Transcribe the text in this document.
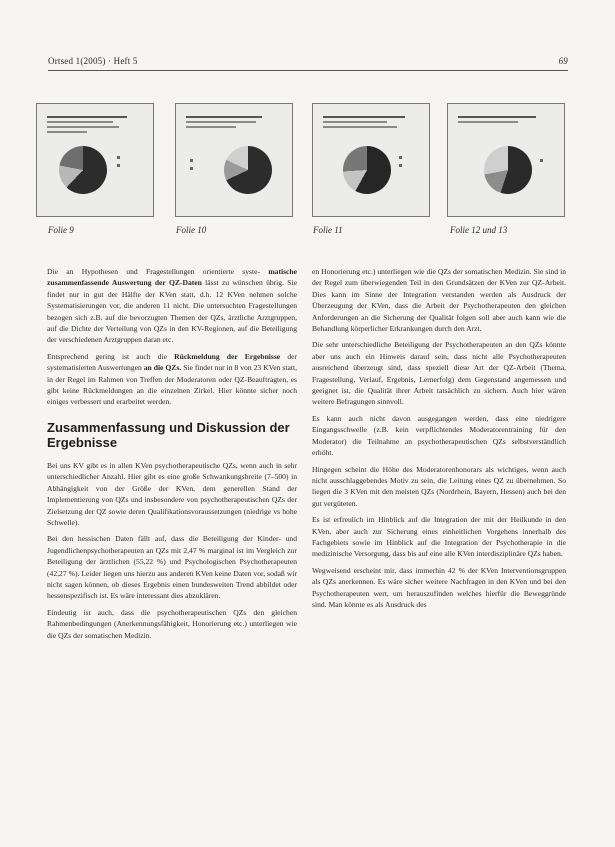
Ortsed 1(2005) · Heft 5	69
Folie 9	Folie 10	Folie 11	Folie 12 und 13

Die an Hypothesen und Fragestellungen orientierte syste- matische zusammenfassende Auswertung der QZ-Daten lässt zu wünschen übrig. Sie findet nur in gut der Hälfte der KVen statt, d.h. 12 KVen nehmen solche Systematisierungen vor, die anderen 11 nicht. Die untersuchten Fragestellungen bezogen sich z.B. auf die bevorzugten Themen der QZs, ärztliche Arztgruppen, auf die Dichte der Verteilung von QZs in den KV-Regionen, auf die Beteiligung der verschiedenen Arztgruppen daran etc.

Entsprechend gering ist auch die Rückmeldung der Ergebnisse der systematisierten Auswertungen an die QZs. Sie findet nur in 8 von 23 KVen statt, in der Regel im Rahmen von Treffen der Moderatoren oder QZ-Beauftragten, es gibt keine Rückmeldungen an die einzelnen Zirkel. Hier könnte sicher noch einiges verbessert und erarbeitet werden.

Zusammenfassung und Diskussion der Ergebnisse

Bei uns KV gibt es in allen KVen psychotherapeutische QZs, wenn auch in sehr unterschiedlicher Anzahl. Hier gibt es eine große Schwankungsbreite (7–500) in Abhängigkeit von der Größe der KVen, dem generellen Stand der Implementierung von QZs und insbesondere von psychotherapeutischen QZs der Zielsetzung der QZ sowie deren Qualifikationsvoraussetzungen (niedrige vs hohe Schwelle).

Bei den hessischen Daten fällt auf, dass die Beteiligung der Kinder- und Jugendlichenpsychotherapeuten an QZs mit 2,47 % marginal ist im Vergleich zur Beteiligung der ärztlichen (55,22 %) und Psychologischen Psychotherapeuten (42,27 %). Leider liegen uns hierzu aus anderen KVen keine Daten vor, sodaß wir nicht sagen können, ob dieses Ergebnis einen bundesweiten Trend abbildet oder hessenspezifisch ist. Es wäre interessant dies abzuklären.

Eindeutig ist auch, dass die psychotherapeutischen QZs den gleichen Rahmenbedingungen (Anerkennungsfähigkeit, Honorierung etc.) unterliegen wie die QZs der somatischen Medizin.

en Honorierung etc.) unterliegen wie die QZs der somatischen Medizin. Sie sind in der Regel zum überwiegenden Teil in den Grundsätzen der KVen zur QZ-Arbeit. Dies kann im Sinne der Integration verstanden werden als Ausdruck der Überzeugung der KVen, dass die Arbeit der Psychotherapeuten den gleichen Anforderungen an die Sicherung der Qualität folgen soll aber auch kann wie die Behandlung körperlicher Erkrankungen durch den Arzt.

Die sehr unterschiedliche Beteiligung der Psychotherapeuten an den QZs könnte aber uns auch ein Hinweis darauf sein, dass nicht alle Psychotherapeuten ausreichend überzeugt sind, dass speziell diese Art der QZ-Arbeit (Thema, Fragestellung, Verlauf, Ergebnis, Lernerfolg) dem Gegenstand angemessen und geeignet ist, die Qualität ihrer Arbeit tatsächlich zu sichern. Auch hier wären weitere Befragungen sinnvoll.

Es kann auch nicht davon ausgegangen werden, dass eine niedrigere Eingangsschwelle (z.B. kein verpflichtendes Moderatorentraining für den Moderator) die Teilnahme an psychotherapeutischen QZs selbstverständlich erhöht.

Hingegen scheint die Höhe des Moderatorenhonorars als wichtiges, wenn auch nicht ausschlaggebendes Motiv zu sein, die Leitung eines QZ zu übernehmen. So liegen die 3 KVen mit den meisten QZs (Nordrhein, Bayern, Hessen) auch bei den gut vergüteten.

Es ist erfreulich im Hinblick auf die Integration der mit der Heilkunde in den KVen, aber auch zur Sicherung eines einheitlichen Vorgehens innerhalb des Fachgebiets sowie im Hinblick auf die Integration der Psychotherapie in die medizinische Versorgung, dass bis auf eine alle KVen interdisziplinäre QZs haben.

Wegweisend erscheint mir, dass immerhin 42 % der KVen Interventionsgruppen als QZs anerkennen. Es wäre sicher weitere Nachfragen in den KVen und bei den Psychotherapeuten wert, um herauszufinden welches hierfür die Beweggründe sind. Man könnte es als Ausdruck des
